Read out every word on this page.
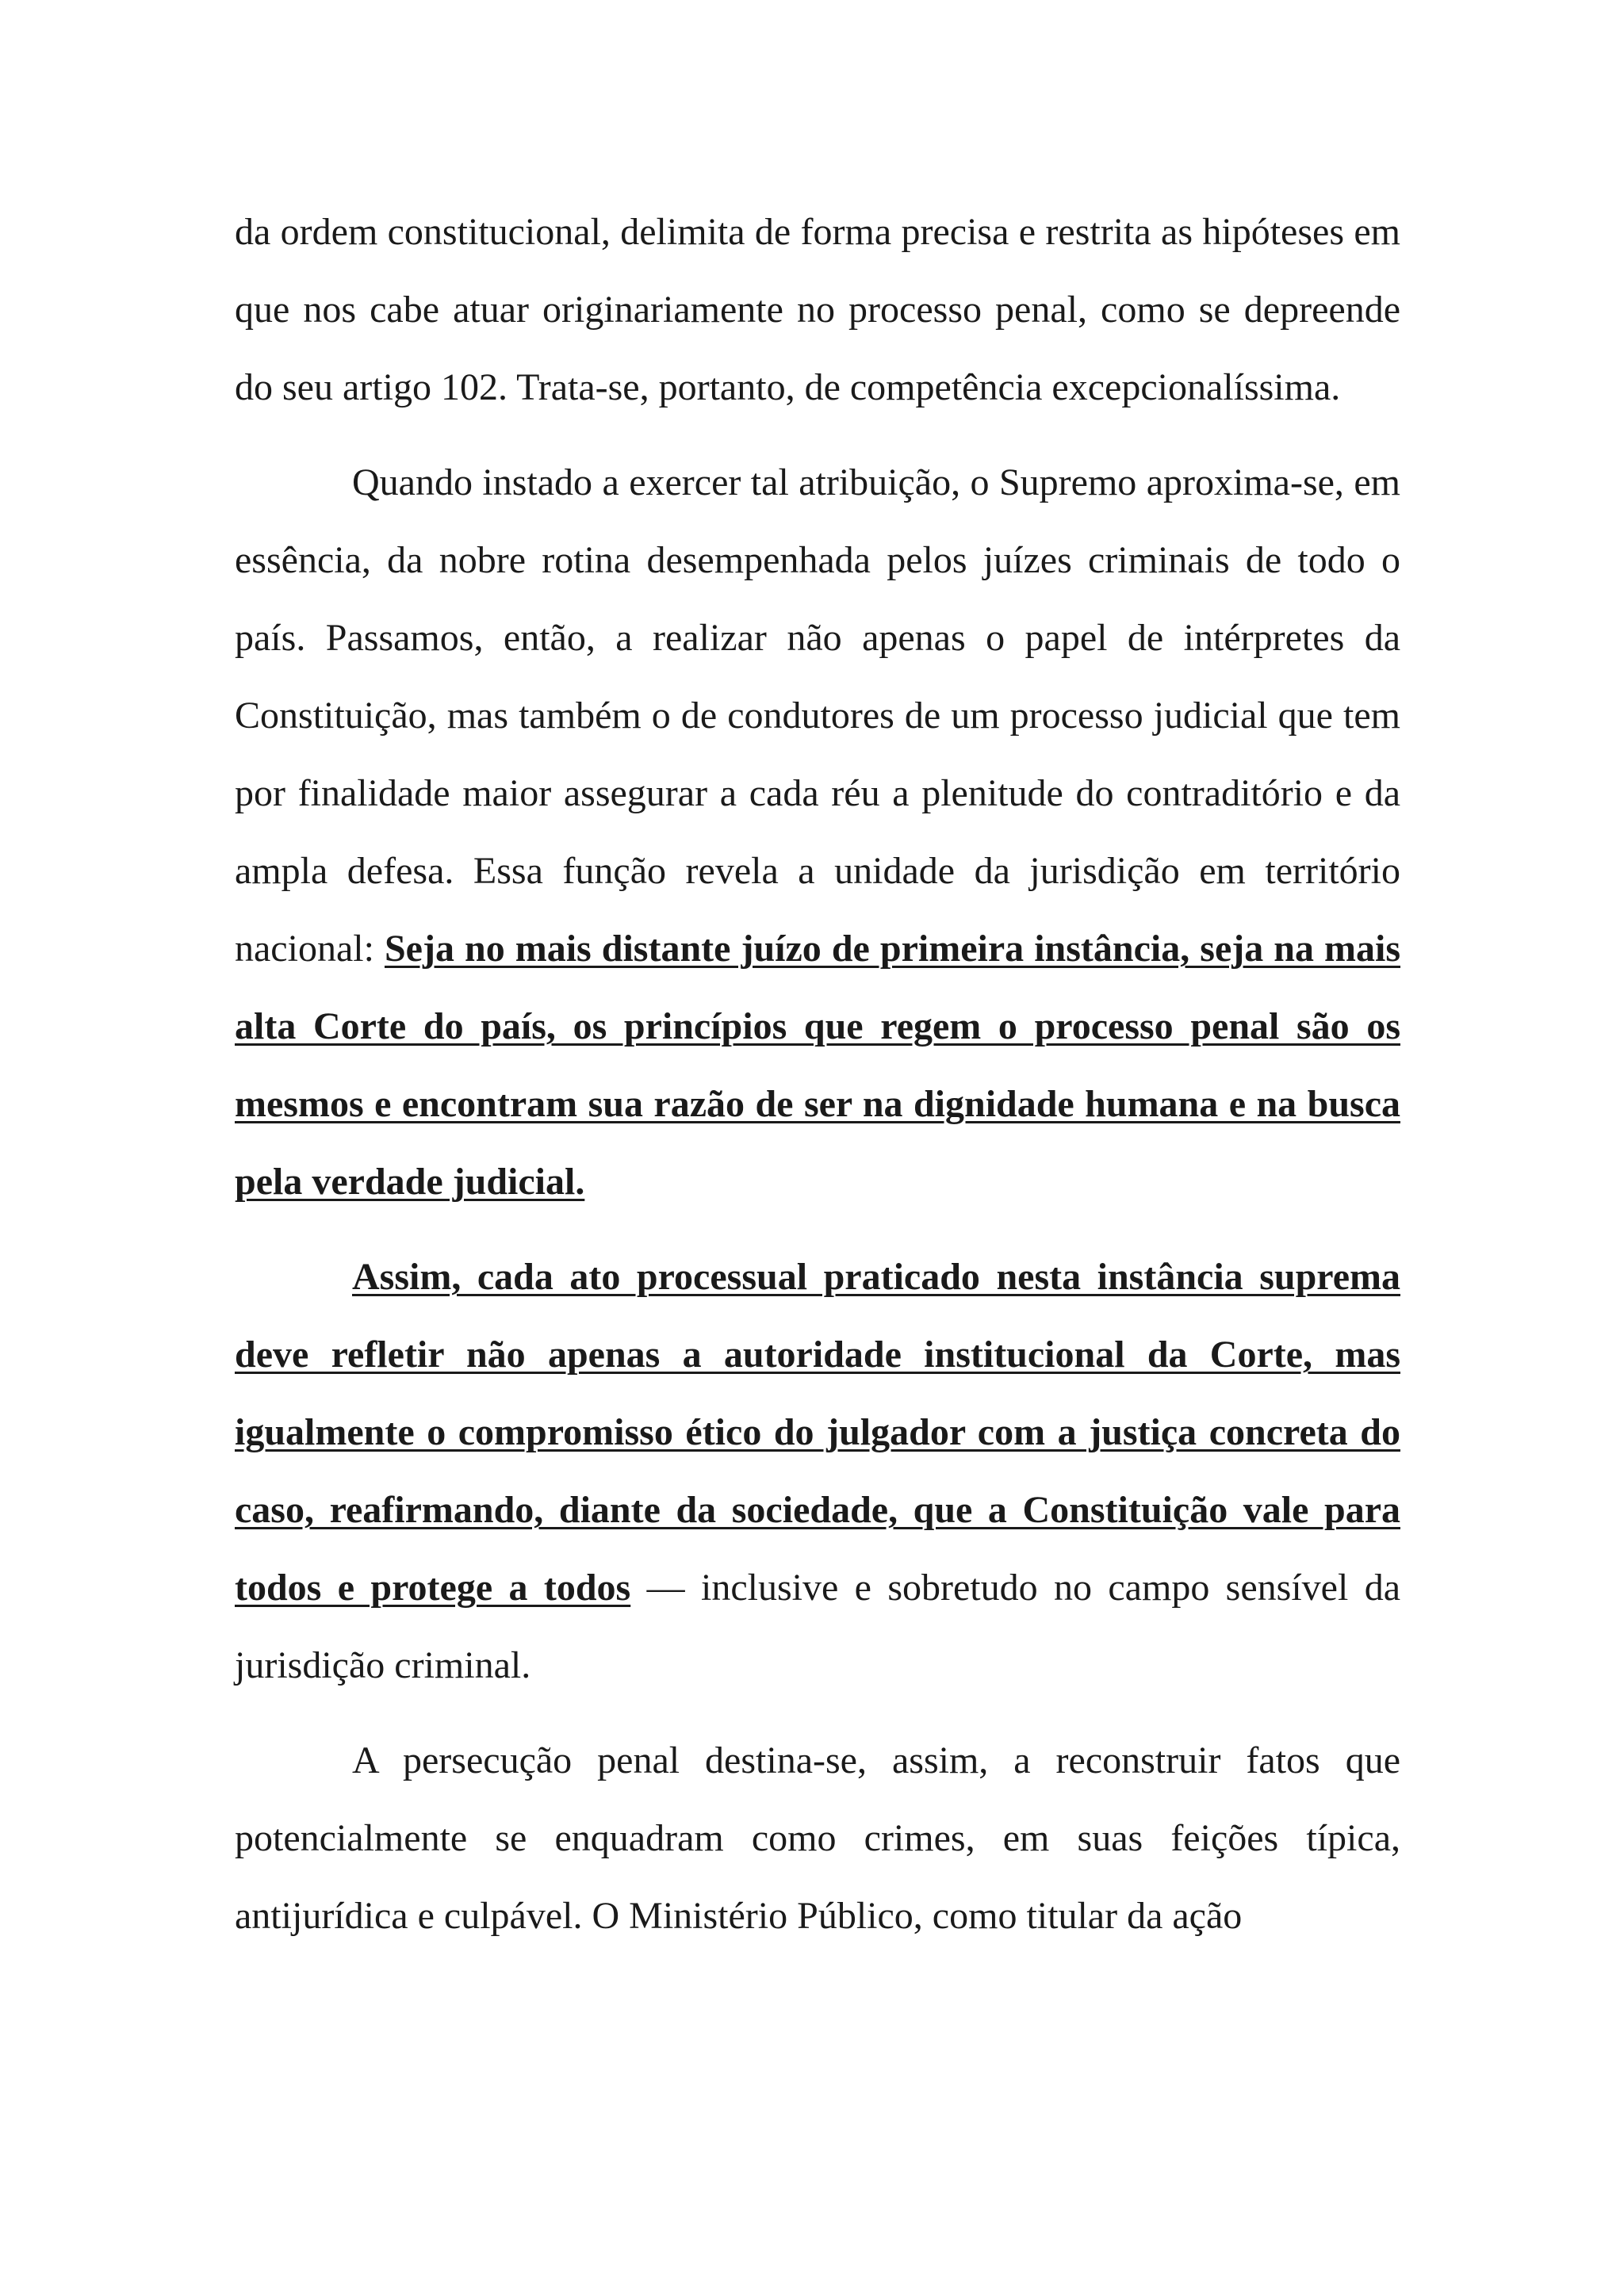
da ordem constitucional, delimita de forma precisa e restrita as hipóteses em que nos cabe atuar originariamente no processo penal, como se depreende do seu artigo 102. Trata-se, portanto, de competência excepcionalíssima.

Quando instado a exercer tal atribuição, o Supremo aproxima-se, em essência, da nobre rotina desempenhada pelos juízes criminais de todo o país. Passamos, então, a realizar não apenas o papel de intérpretes da Constituição, mas também o de condutores de um processo judicial que tem por finalidade maior assegurar a cada réu a plenitude do contraditório e da ampla defesa. Essa função revela a unidade da jurisdição em território nacional: Seja no mais distante juízo de primeira instância, seja na mais alta Corte do país, os princípios que regem o processo penal são os mesmos e encontram sua razão de ser na dignidade humana e na busca pela verdade judicial.

Assim, cada ato processual praticado nesta instância suprema deve refletir não apenas a autoridade institucional da Corte, mas igualmente o compromisso ético do julgador com a justiça concreta do caso, reafirmando, diante da sociedade, que a Constituição vale para todos e protege a todos — inclusive e sobretudo no campo sensível da jurisdição criminal.

A persecução penal destina-se, assim, a reconstruir fatos que potencialmente se enquadram como crimes, em suas feições típica, antijurídica e culpável. O Ministério Público, como titular da ação
